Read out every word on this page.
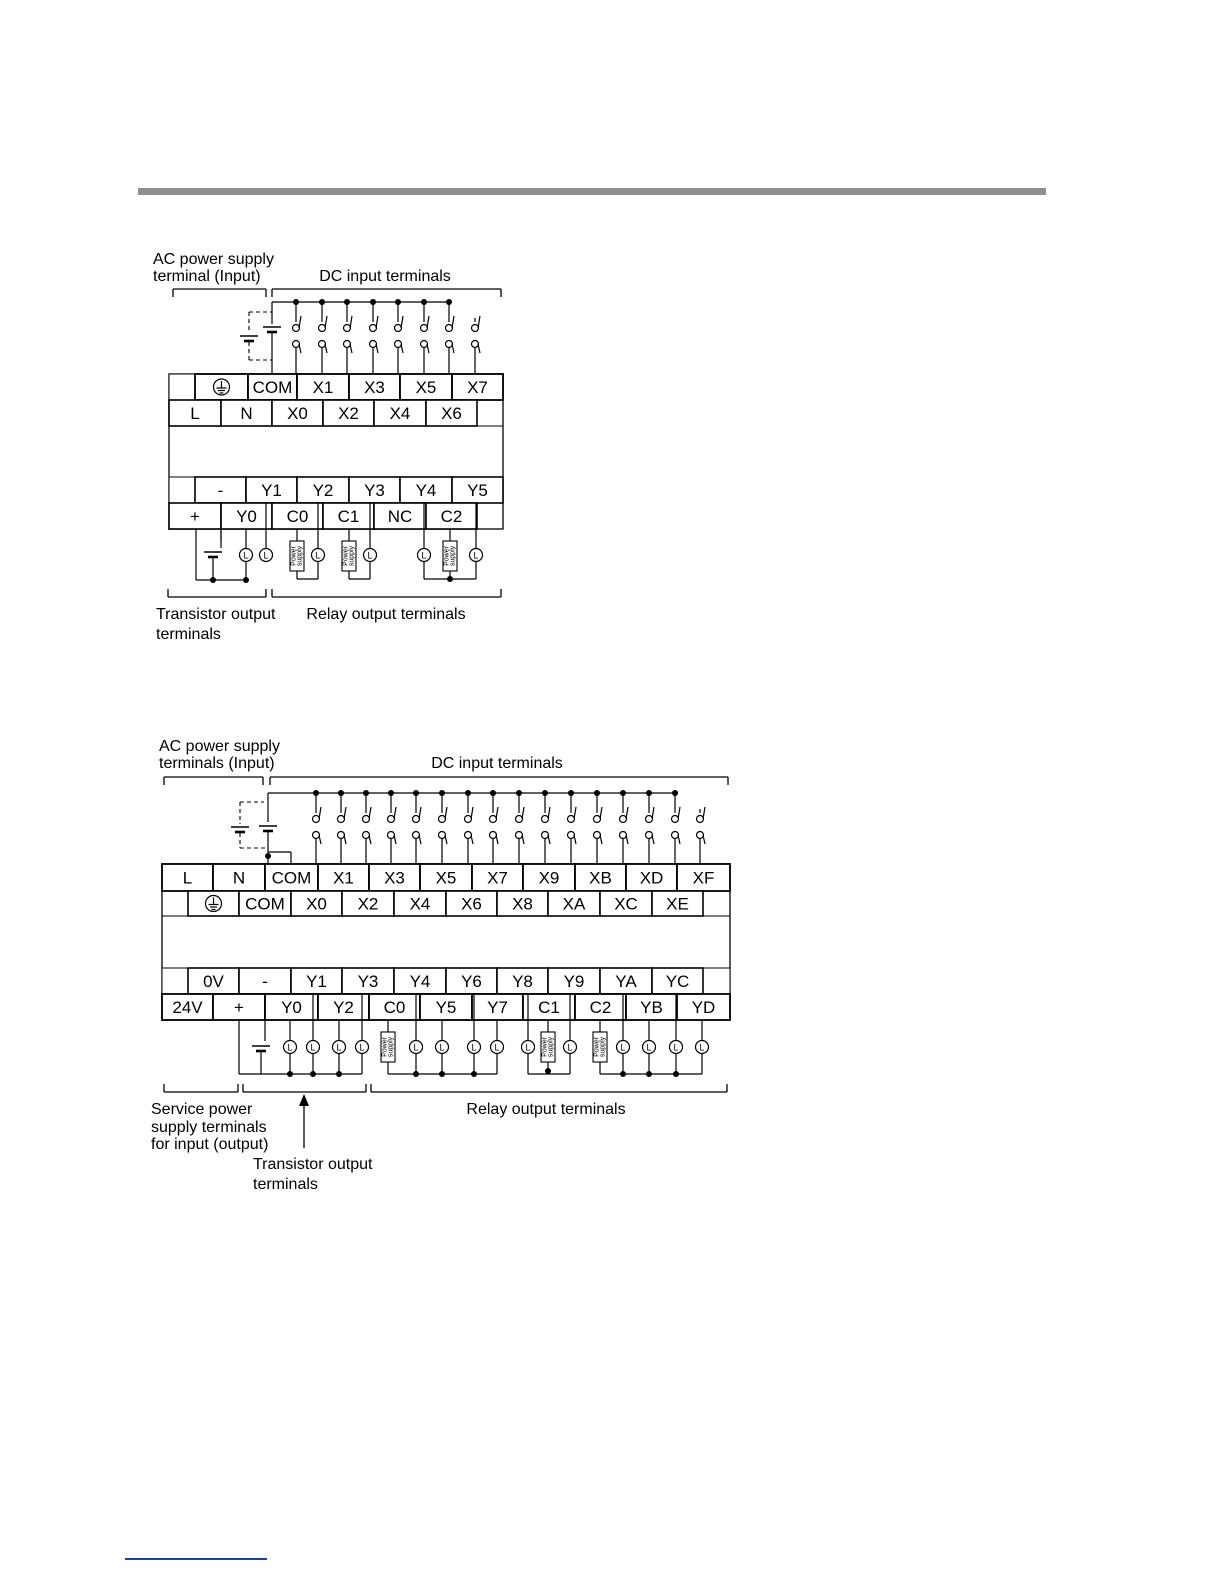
AC power supply
terminal (Input)	DC input terminals
COM X1 X3 X5 X7
L N X0 X2 X4 X6
- Y1 Y2 Y3 Y4 Y5
+ Y0 C0 C1 NC C2
L L	Power supply L	Power supply L	L Power supply L
Transistor output
terminals
Relay output terminals
AC power supply
terminals (Input)	DC input terminals
L N COM X1 X3 X5 X7 X9 XB XD XF
COM X0 X2 X4 X6 X8 XA XC XE
0V - Y1 Y3 Y4 Y6 Y8 Y9 YA YC
24V + Y0 Y2 C0 Y5 Y7 C1 C2 YB YD
L L L L Power supply L L	L L	L Power supply L	Power supply L L L L
Service power
supply terminals
for input (output)
Relay output terminals
Transistor output
terminals
